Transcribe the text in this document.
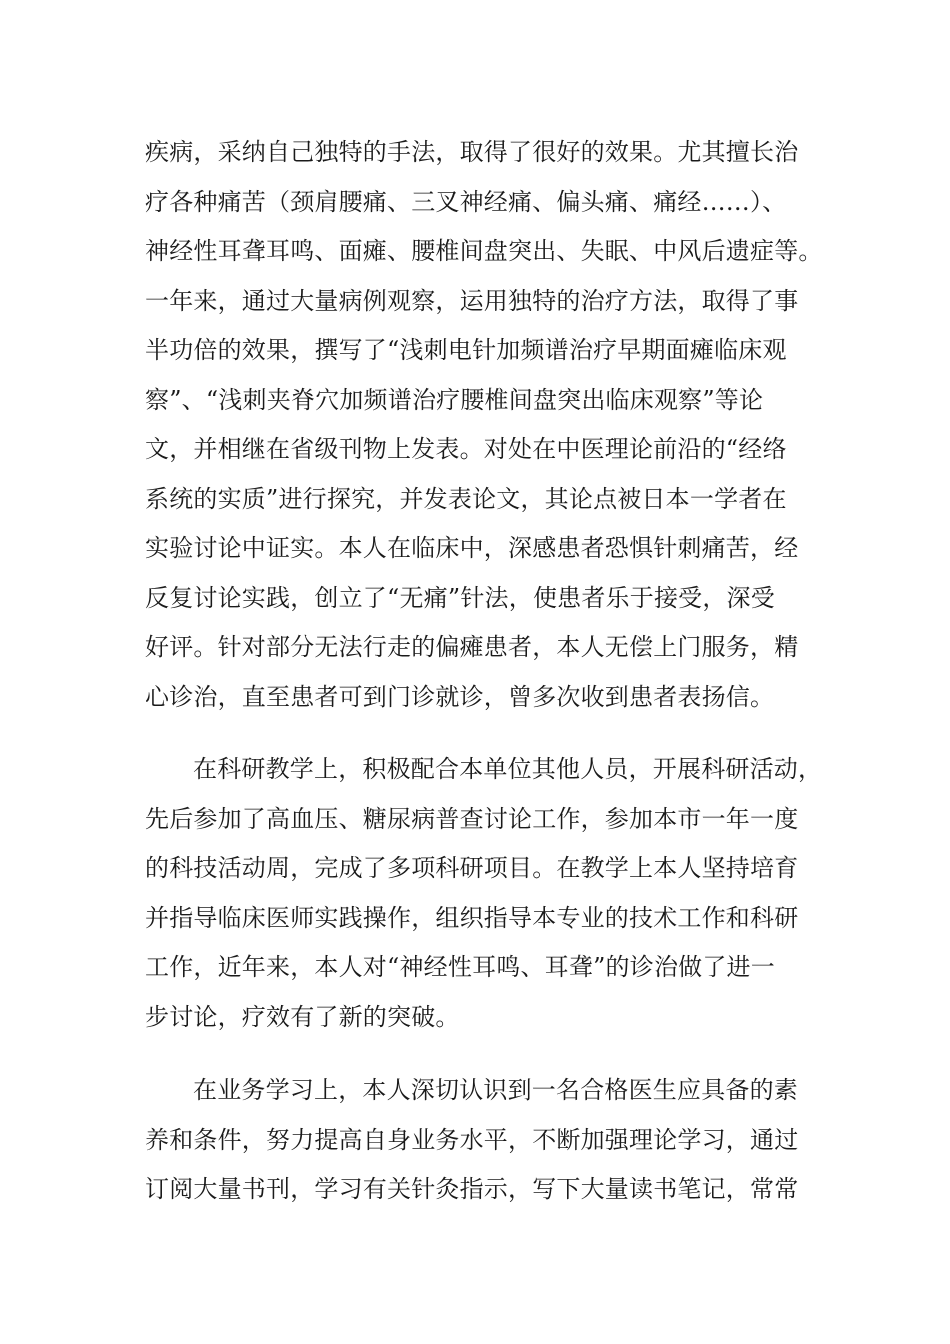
疾病，采纳自己独特的手法，取得了很好的效果。尤其擅长治
疗各种痛苦（颈肩腰痛、三叉神经痛、偏头痛、痛经……）、
神经性耳聋耳鸣、面瘫、腰椎间盘突出、失眠、中风后遗症等。
一年来，通过大量病例观察，运用独特的治疗方法，取得了事
半功倍的效果，撰写了“浅刺电针加频谱治疗早期面瘫临床观
察”、“浅刺夹脊穴加频谱治疗腰椎间盘突出临床观察”等论
文，并相继在省级刊物上发表。对处在中医理论前沿的“经络
系统的实质”进行探究，并发表论文，其论点被日本一学者在
实验讨论中证实。本人在临床中，深感患者恐惧针刺痛苦，经
反复讨论实践，创立了“无痛”针法，使患者乐于接受，深受
好评。针对部分无法行走的偏瘫患者，本人无偿上门服务，精
心诊治，直至患者可到门诊就诊，曾多次收到患者表扬信。
在科研教学上，积极配合本单位其他人员，开展科研活动，
先后参加了高血压、糖尿病普查讨论工作，参加本市一年一度
的科技活动周，完成了多项科研项目。在教学上本人坚持培育
并指导临床医师实践操作，组织指导本专业的技术工作和科研
工作，近年来，本人对“神经性耳鸣、耳聋”的诊治做了进一
步讨论，疗效有了新的突破。
在业务学习上，本人深切认识到一名合格医生应具备的素
养和条件，努力提高自身业务水平，不断加强理论学习，通过
订阅大量书刊，学习有关针灸指示，写下大量读书笔记，常常
